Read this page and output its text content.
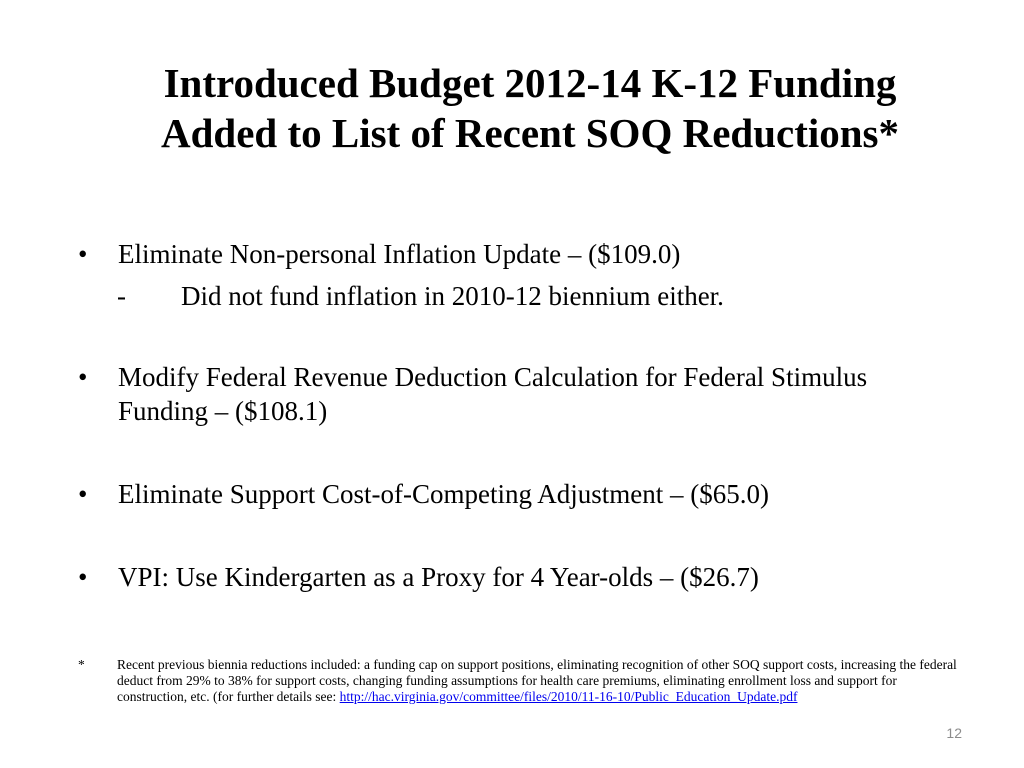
Introduced Budget 2012-14 K-12 Funding
Added to List of Recent SOQ Reductions*
• Eliminate Non-personal Inflation Update – ($109.0)
- Did not fund inflation in 2010-12 biennium either.
• Modify Federal Revenue Deduction Calculation for Federal Stimulus Funding – ($108.1)
• Eliminate Support Cost-of-Competing Adjustment – ($65.0)
• VPI: Use Kindergarten as a Proxy for 4 Year-olds – ($26.7)
* Recent previous biennia reductions included: a funding cap on support positions, eliminating recognition of other SOQ support costs, increasing the federal deduct from 29% to 38% for support costs, changing funding assumptions for health care premiums, eliminating enrollment loss and support for construction, etc. (for further details see: http://hac.virginia.gov/committee/files/2010/11-16-10/Public_Education_Update.pdf
12
